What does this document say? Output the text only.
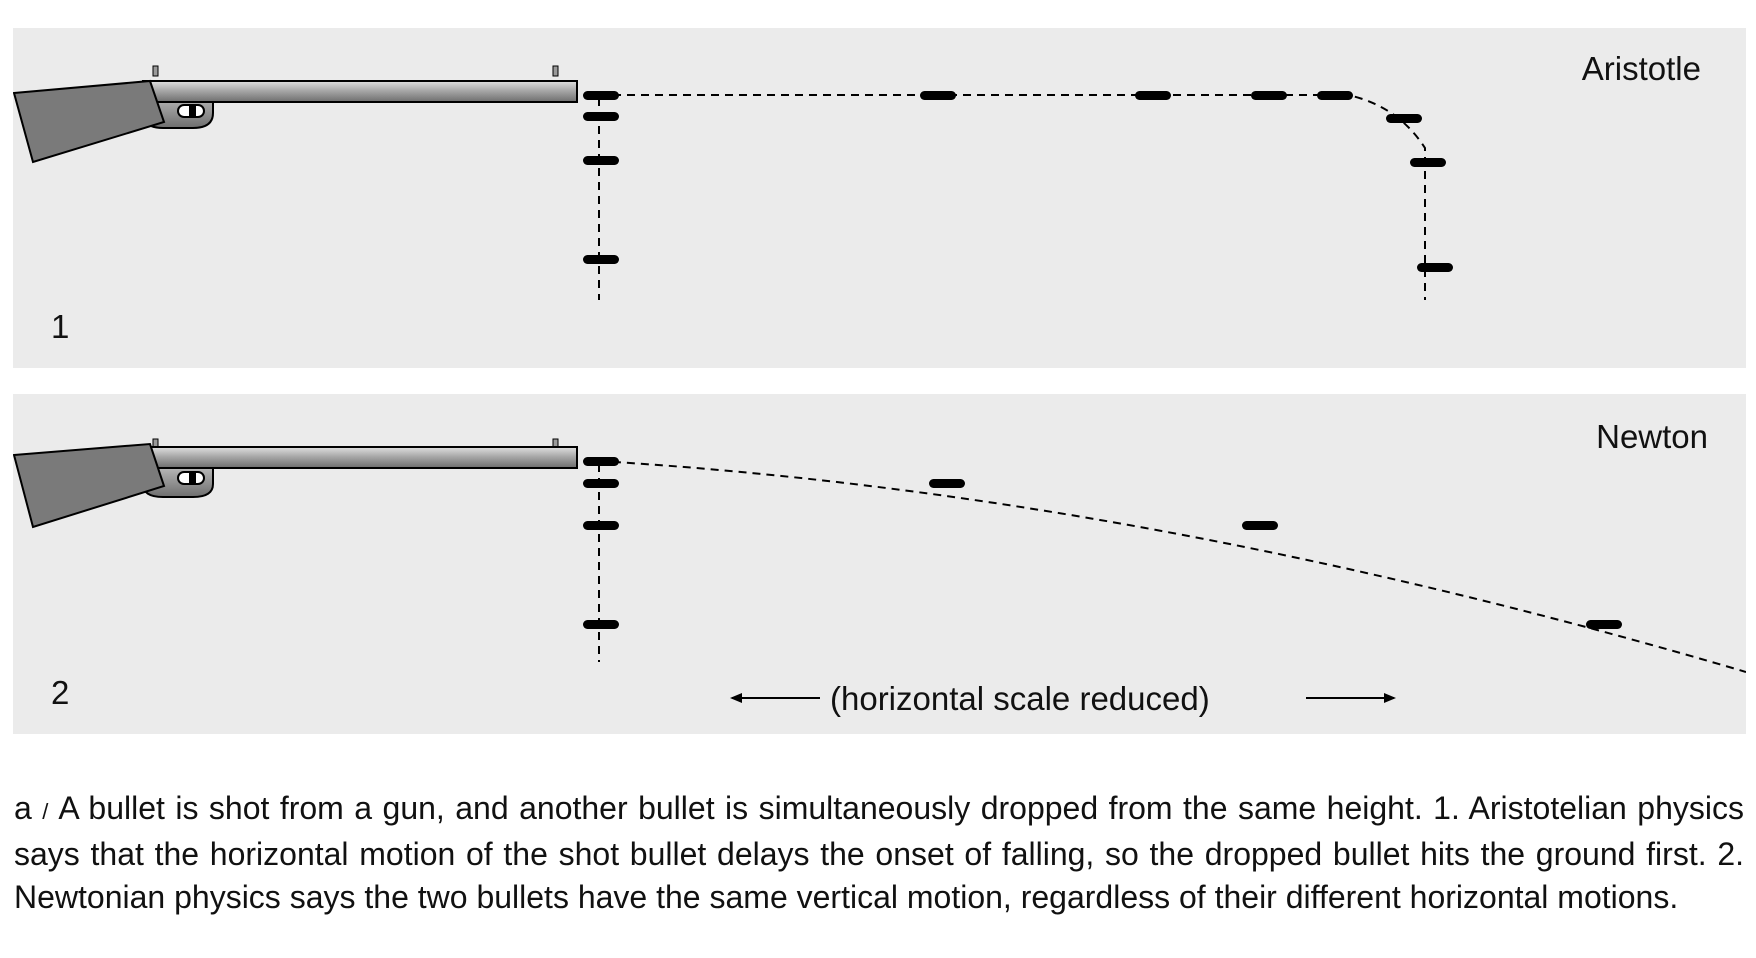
Aristotle
1
Newton
2	(horizontal scale reduced)
a / A bullet is shot from a gun, and another bullet is simultaneously dropped from the same height. 1. Aristotelian physics says that the horizontal motion of the shot bullet delays the onset of falling, so the dropped bullet hits the ground first. 2. Newtonian physics says the two bullets have the same vertical motion, regardless of their different horizontal motions.
